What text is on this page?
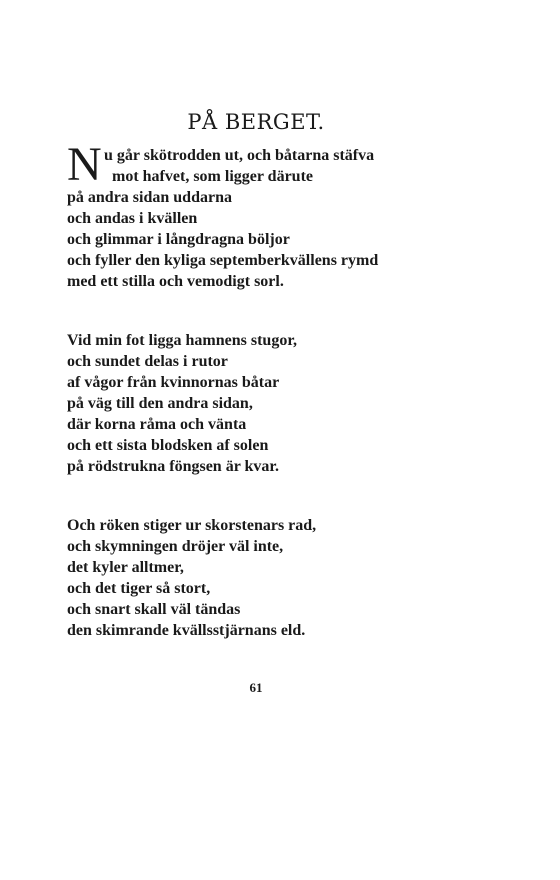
PÅ BERGET.
N u går skötrodden ut, och båtarna stäfva
mot hafvet, som ligger därute
på andra sidan uddarna
och andas i kvällen
och glimmar i långdragna böljor
och fyller den kyliga septemberkvällens rymd
med ett stilla och vemodigt sorl.
Vid min fot ligga hamnens stugor,
och sundet delas i rutor
af vågor från kvinnornas båtar
på väg till den andra sidan,
där korna råma och vänta
och ett sista blodsken af solen
på rödstrukna föngsen är kvar.
Och röken stiger ur skorstenars rad,
och skymningen dröjer väl inte,
det kyler alltmer,
och det tiger så stort,
och snart skall väl tändas
den skimrande kvällsstjärnans eld.
61
